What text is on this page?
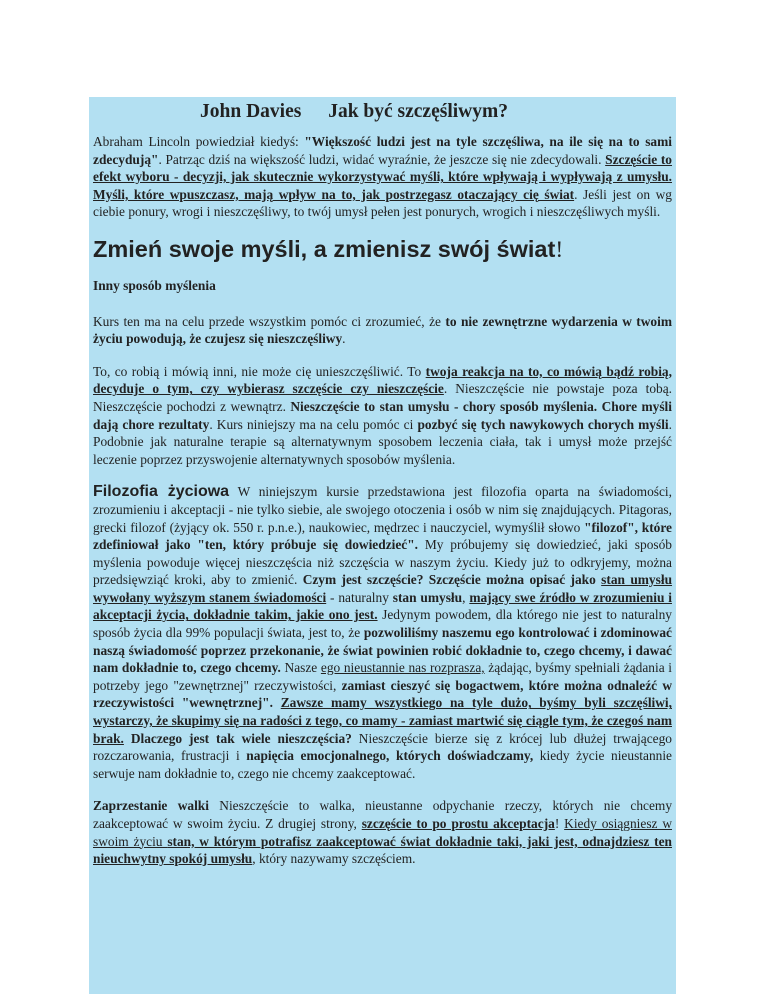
John Davies Jak być szczęśliwym?

Abraham Lincoln powiedział kiedyś: "Większość ludzi jest na tyle szczęśliwa, na ile się na to sami zdecydują". Patrząc dziś na większość ludzi, widać wyraźnie, że jeszcze się nie zdecydowali. Szczęście to efekt wyboru - decyzji, jak skutecznie wykorzystywać myśli, które wpływają i wypływają z umysłu. Myśli, które wpuszczasz, mają wpływ na to, jak postrzegasz otaczający cię świat. Jeśli jest on wg ciebie ponury, wrogi i nieszczęśliwy, to twój umysł pełen jest ponurych, wrogich i nieszczęśliwych myśli.

Zmień swoje myśli, a zmienisz swój świat!
Inny sposób myślenia

Kurs ten ma na celu przede wszystkim pomóc ci zrozumieć, że to nie zewnętrzne wydarzenia w twoim życiu powodują, że czujesz się nieszczęśliwy.

To, co robią i mówią inni, nie może cię unieszczęśliwić. To twoja reakcja na to, co mówią bądź robią, decyduje o tym, czy wybierasz szczęście czy nieszczęście. Nieszczęście nie powstaje poza tobą. Nieszczęście pochodzi z wewnątrz. Nieszczęście to stan umysłu - chory sposób myślenia. Chore myśli dają chore rezultaty. Kurs niniejszy ma na celu pomóc ci pozbyć się tych nawykowych chorych myśli. Podobnie jak naturalne terapie są alternatywnym sposobem leczenia ciała, tak i umysł może przejść leczenie poprzez przyswojenie alternatywnych sposobów myślenia.

Filozofia życiowa W niniejszym kursie przedstawiona jest filozofia oparta na świadomości, zrozumieniu i akceptacji - nie tylko siebie, ale swojego otoczenia i osób w nim się znajdujących. Pitagoras, grecki filozof (żyjący ok. 550 r. p.n.e.), naukowiec, mędrzec i nauczyciel, wymyślił słowo "filozof", które zdefiniował jako "ten, który próbuje się dowiedzieć". My próbujemy się dowiedzieć, jaki sposób myślenia powoduje więcej nieszczęścia niż szczęścia w naszym życiu. Kiedy już to odkryjemy, można przedsięwziąć kroki, aby to zmienić. Czym jest szczęście? Szczęście można opisać jako stan umysłu wywołany wyższym stanem świadomości - naturalny stan umysłu, mający swe źródło w zrozumieniu i akceptacji życia, dokładnie takim, jakie ono jest. Jedynym powodem, dla którego nie jest to naturalny sposób życia dla 99% populacji świata, jest to, że pozwoliliśmy naszemu ego kontrolować i zdominować naszą świadomość poprzez przekonanie, że świat powinien robić dokładnie to, czego chcemy, i dawać nam dokładnie to, czego chcemy. Nasze ego nieustannie nas rozprasza, żądając, byśmy spełniali żądania i potrzeby jego "zewnętrznej" rzeczywistości, zamiast cieszyć się bogactwem, które można odnaleźć w rzeczywistości "wewnętrznej". Zawsze mamy wszystkiego na tyle dużo, byśmy byli szczęśliwi, wystarczy, że skupimy się na radości z tego, co mamy - zamiast martwić się ciągle tym, że czegoś nam brak. Dlaczego jest tak wiele nieszczęścia? Nieszczęście bierze się z krócej lub dłużej trwającego rozczarowania, frustracji i napięcia emocjonalnego, których doświadczamy, kiedy życie nieustannie serwuje nam dokładnie to, czego nie chcemy zaakceptować.

Zaprzestanie walki Nieszczęście to walka, nieustanne odpychanie rzeczy, których nie chcemy zaakceptować w swoim życiu. Z drugiej strony, szczęście to po prostu akceptacja! Kiedy osiągniesz w swoim życiu stan, w którym potrafisz zaakceptować świat dokładnie taki, jaki jest, odnajdziesz ten nieuchwytny spokój umysłu, który nazywamy szczęściem.
